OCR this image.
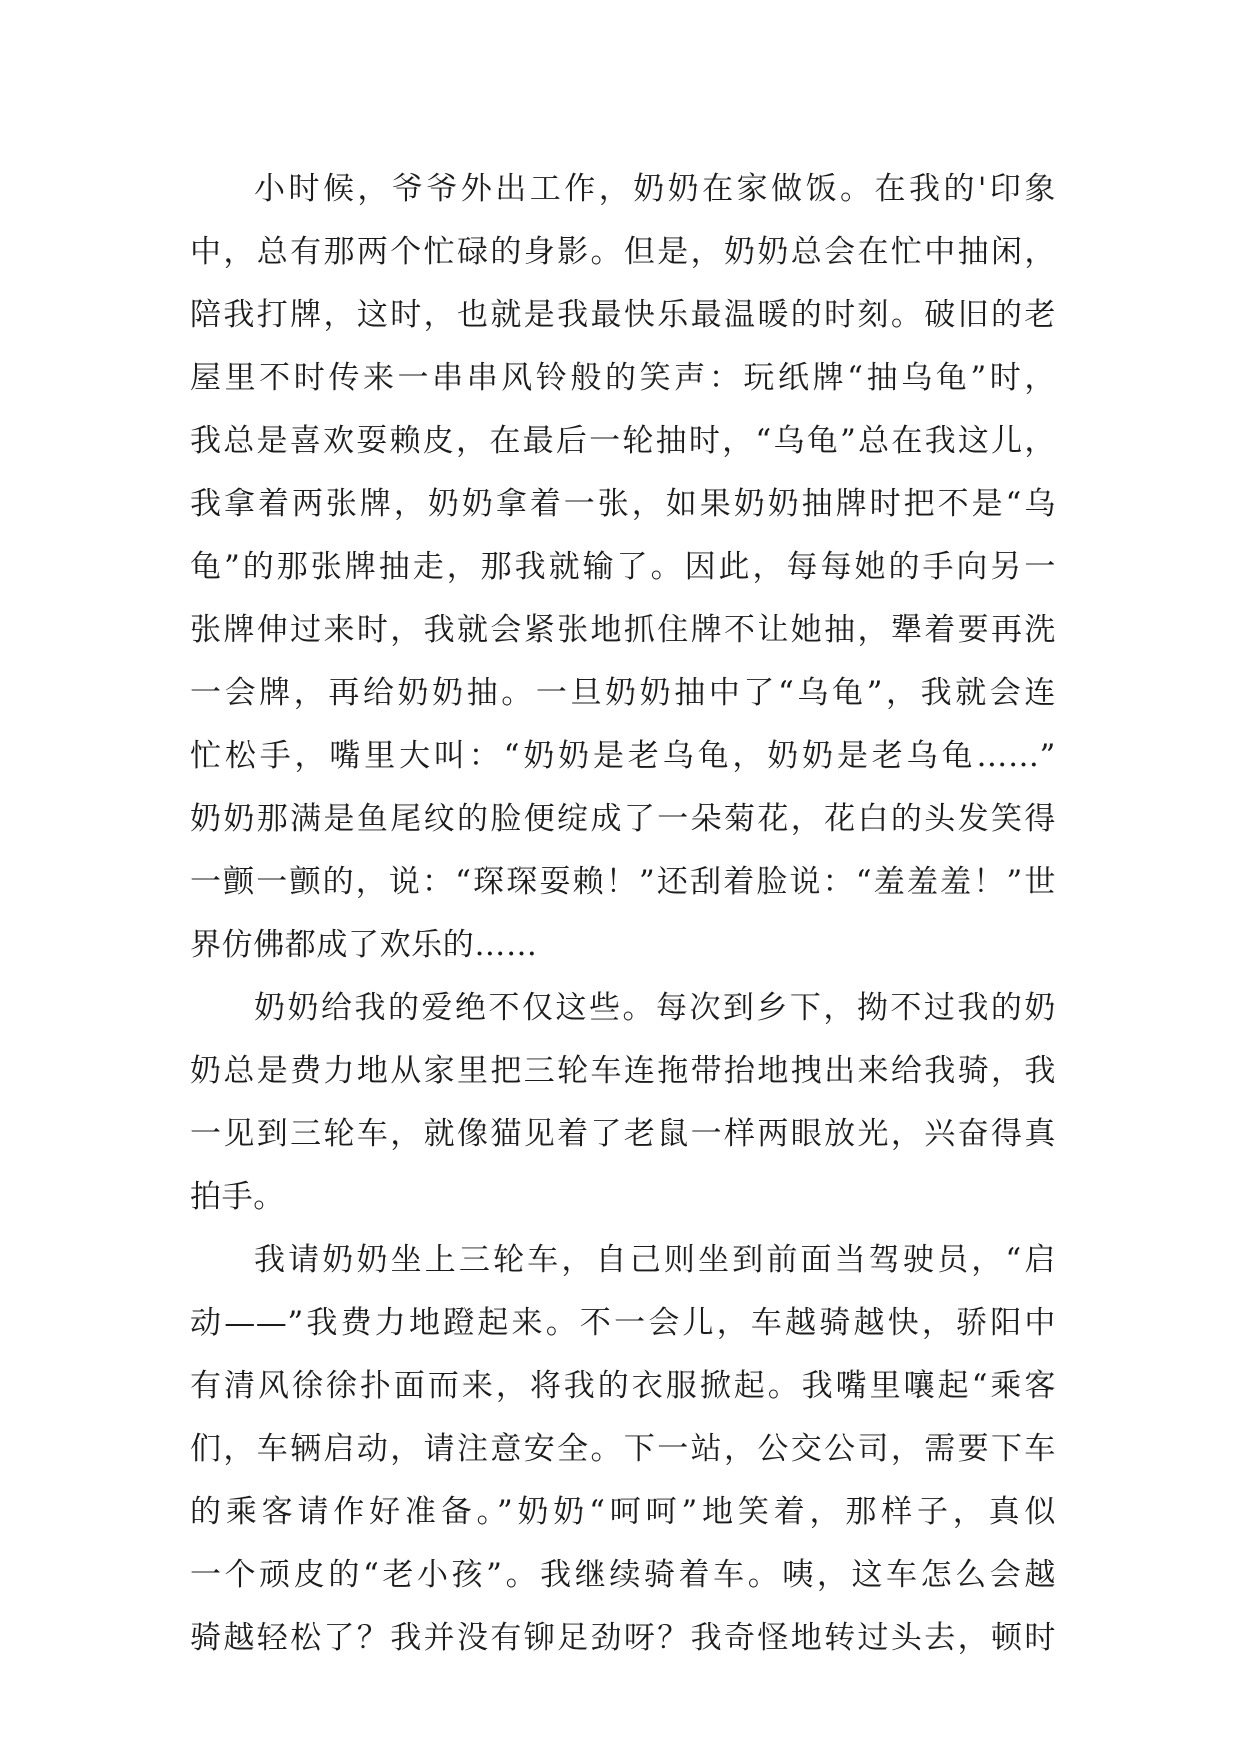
小时候，爷爷外出工作，奶奶在家做饭。在我的'印象
中，总有那两个忙碌的身影。但是，奶奶总会在忙中抽闲，
陪我打牌，这时，也就是我最快乐最温暖的时刻。破旧的老
屋里不时传来一串串风铃般的笑声：玩纸牌“抽乌龟”时，
我总是喜欢耍赖皮，在最后一轮抽时，“乌龟”总在我这儿，
我拿着两张牌，奶奶拿着一张，如果奶奶抽牌时把不是“乌
龟”的那张牌抽走，那我就输了。因此，每每她的手向另一
张牌伸过来时，我就会紧张地抓住牌不让她抽，犟着要再洗
一会牌，再给奶奶抽。一旦奶奶抽中了“乌龟”，我就会连
忙松手，嘴里大叫：“奶奶是老乌龟，奶奶是老乌龟……”
奶奶那满是鱼尾纹的脸便绽成了一朵菊花，花白的头发笑得
一颤一颤的，说：“琛琛耍赖！”还刮着脸说：“羞羞羞！”世
界仿佛都成了欢乐的……
奶奶给我的爱绝不仅这些。每次到乡下，拗不过我的奶
奶总是费力地从家里把三轮车连拖带抬地拽出来给我骑，我
一见到三轮车，就像猫见着了老鼠一样两眼放光，兴奋得真
拍手。
我请奶奶坐上三轮车，自己则坐到前面当驾驶员，“启
动——”我费力地蹬起来。不一会儿，车越骑越快，骄阳中
有清风徐徐扑面而来，将我的衣服掀起。我嘴里嚷起“乘客
们，车辆启动，请注意安全。下一站，公交公司，需要下车
的乘客请作好准备。”奶奶“呵呵”地笑着，那样子，真似
一个顽皮的“老小孩”。我继续骑着车。咦，这车怎么会越
骑越轻松了？我并没有铆足劲呀？我奇怪地转过头去，顿时
